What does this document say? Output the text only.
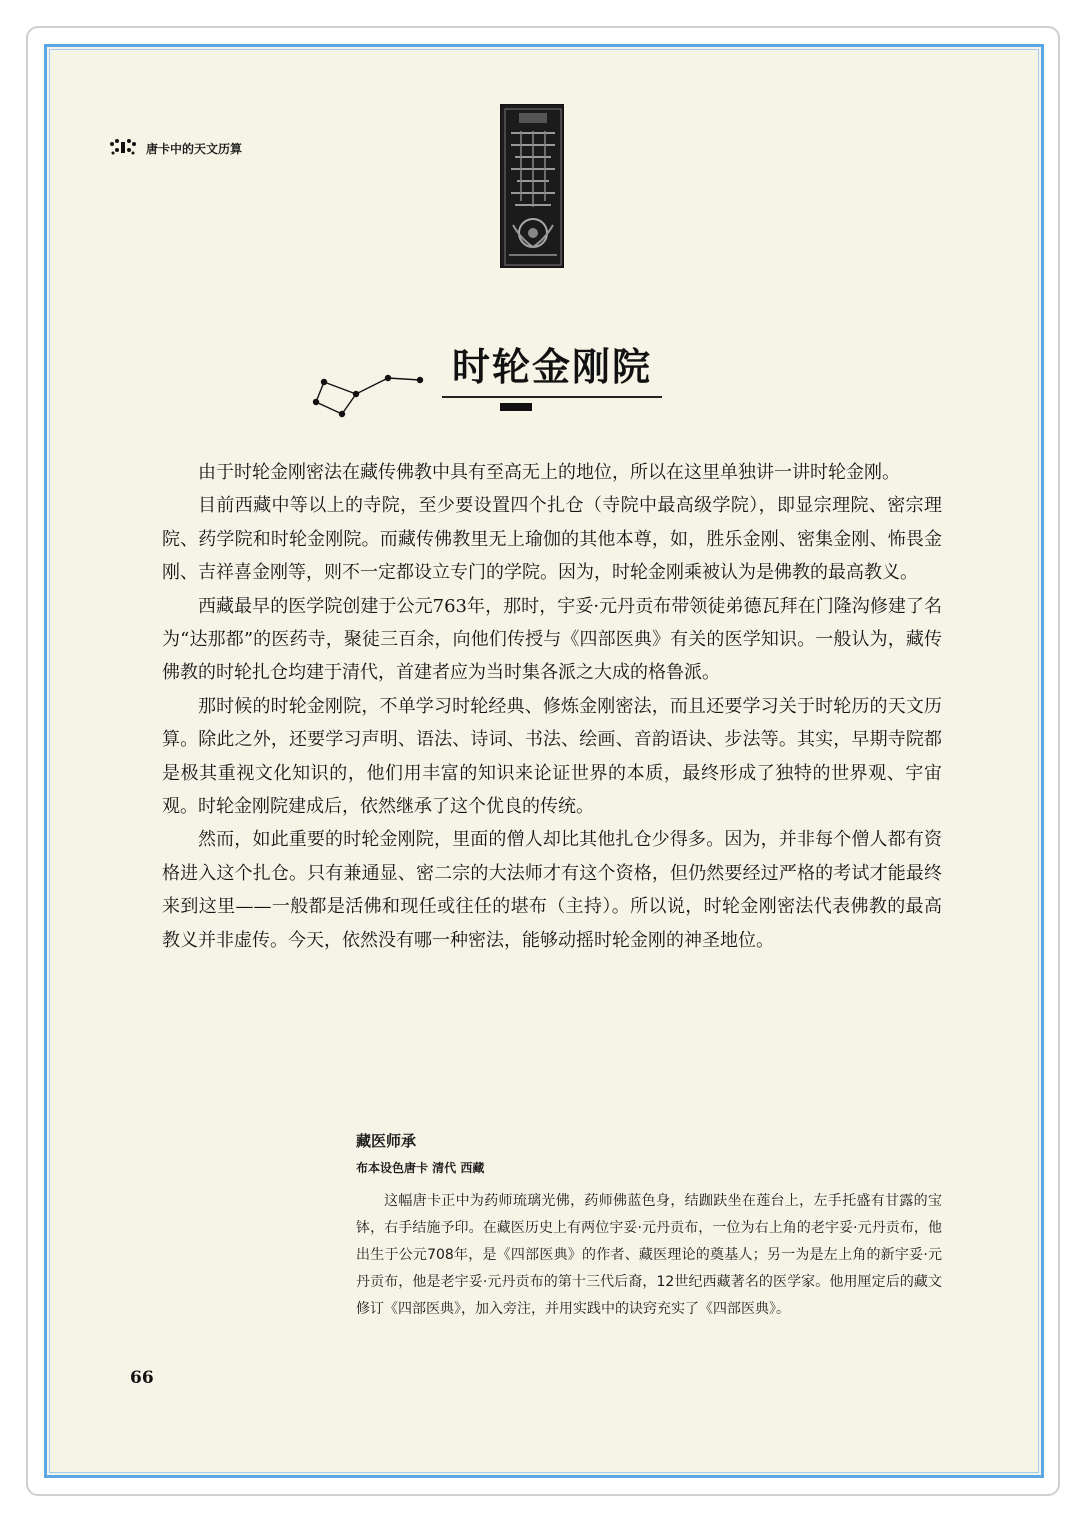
唐卡中的天文历算
时轮金刚院

由于时轮金刚密法在藏传佛教中具有至高无上的地位，所以在这里单独讲一讲时轮金刚。

目前西藏中等以上的寺院，至少要设置四个扎仓（寺院中最高级学院），即显宗理院、密宗理院、药学院和时轮金刚院。而藏传佛教里无上瑜伽的其他本尊，如，胜乐金刚、密集金刚、怖畏金刚、吉祥喜金刚等，则不一定都设立专门的学院。因为，时轮金刚乘被认为是佛教的最高教义。

西藏最早的医学院创建于公元763年，那时，宇妥·元丹贡布带领徒弟德瓦拜在门隆沟修建了名为“达那都”的医药寺，聚徒三百余，向他们传授与《四部医典》有关的医学知识。一般认为，藏传佛教的时轮扎仓均建于清代，首建者应为当时集各派之大成的格鲁派。

那时候的时轮金刚院，不单学习时轮经典、修炼金刚密法，而且还要学习关于时轮历的天文历算。除此之外，还要学习声明、语法、诗词、书法、绘画、音韵语诀、步法等。其实，早期寺院都是极其重视文化知识的，他们用丰富的知识来论证世界的本质，最终形成了独特的世界观、宇宙观。时轮金刚院建成后，依然继承了这个优良的传统。

然而，如此重要的时轮金刚院，里面的僧人却比其他扎仓少得多。因为，并非每个僧人都有资格进入这个扎仓。只有兼通显、密二宗的大法师才有这个资格，但仍然要经过严格的考试才能最终来到这里——一般都是活佛和现任或往任的堪布（主持）。所以说，时轮金刚密法代表佛教的最高教义并非虚传。今天，依然没有哪一种密法，能够动摇时轮金刚的神圣地位。

藏医师承
布本设色唐卡 清代 西藏

这幅唐卡正中为药师琉璃光佛，药师佛蓝色身，结跏趺坐在莲台上，左手托盛有甘露的宝钵，右手结施予印。在藏医历史上有两位宇妥·元丹贡布，一位为右上角的老宇妥·元丹贡布，他出生于公元708年，是《四部医典》的作者、藏医理论的奠基人；另一为是左上角的新宇妥·元丹贡布，他是老宇妥·元丹贡布的第十三代后裔，12世纪西藏著名的医学家。他用厘定后的藏文修订《四部医典》，加入旁注，并用实践中的诀窍充实了《四部医典》。

66
